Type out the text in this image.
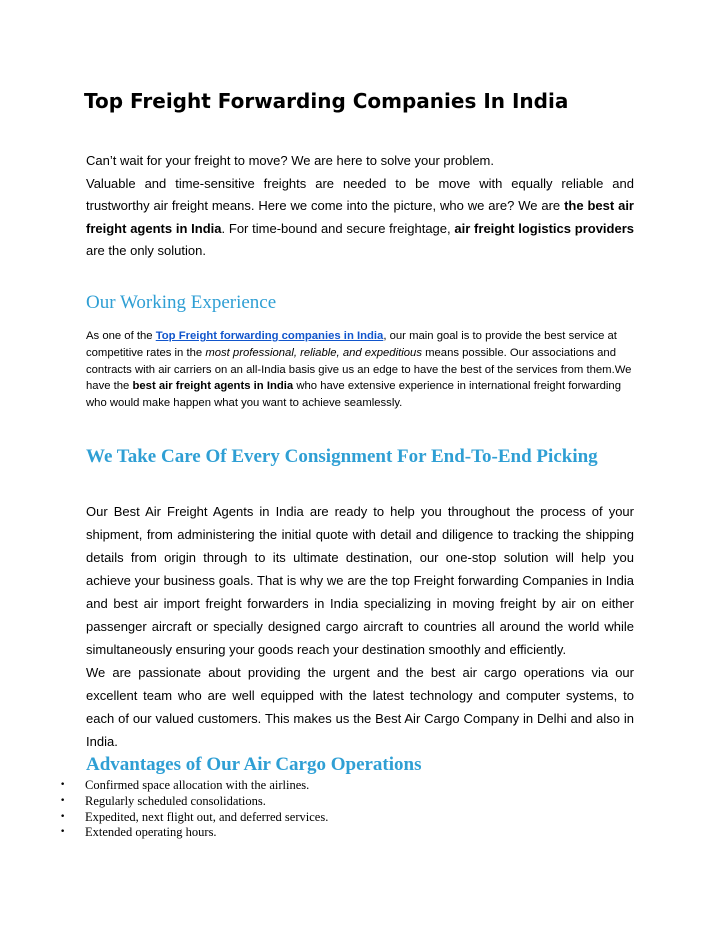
Top Freight Forwarding Companies In India

Can’t wait for your freight to move? We are here to solve your problem.

Valuable and time-sensitive freights are needed to be move with equally reliable and trustworthy air freight means. Here we come into the picture, who we are? We are the best air freight agents in India. For time-bound and secure freightage, air freight logistics providers are the only solution.

Our Working Experience

As one of the Top Freight forwarding companies in India, our main goal is to provide the best service at competitive rates in the most professional, reliable, and expeditious means possible. Our associations and contracts with air carriers on an all-India basis give us an edge to have the best of the services from them.We have the best air freight agents in India who have extensive experience in international freight forwarding who would make happen what you want to achieve seamlessly.

We Take Care Of Every Consignment For End-To-End Picking

Our Best Air Freight Agents in India are ready to help you throughout the process of your shipment, from administering the initial quote with detail and diligence to tracking the shipping details from origin through to its ultimate destination, our one-stop solution will help you achieve your business goals. That is why we are the top Freight forwarding Companies in India and best air import freight forwarders in India specializing in moving freight by air on either passenger aircraft or specially designed cargo aircraft to countries all around the world while simultaneously ensuring your goods reach your destination smoothly and efficiently.

We are passionate about providing the urgent and the best air cargo operations via our excellent team who are well equipped with the latest technology and computer systems, to each of our valued customers. This makes us the Best Air Cargo Company in Delhi and also in India.

Advantages of Our Air Cargo Operations
• Confirmed space allocation with the airlines.
• Regularly scheduled consolidations.
• Expedited, next flight out, and deferred services.
• Extended operating hours.
